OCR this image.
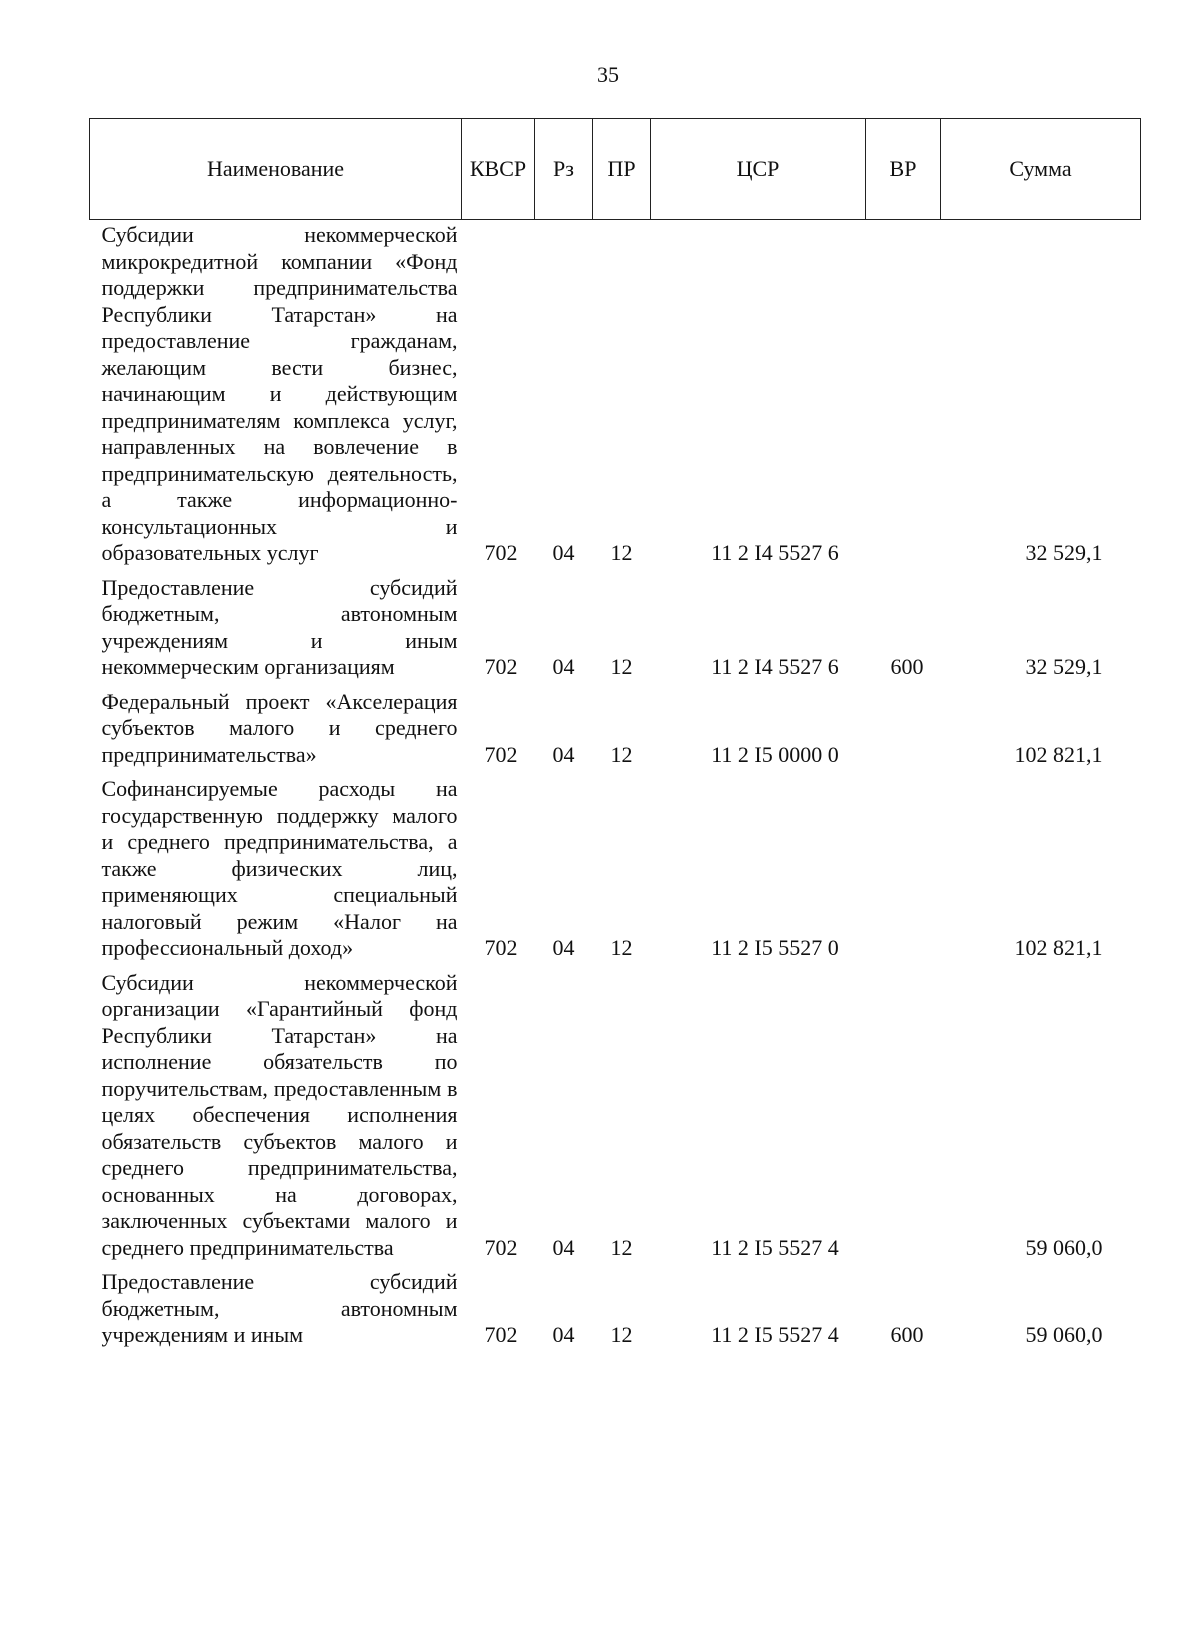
35
Наименование	КВСР	Рз	ПР	ЦСР	ВР	Сумма
Субсидии некоммерческой микрокредитной компании «Фонд поддержки предпринимательства Республики Татарстан» на предоставление гражданам, желающим вести бизнес, начинающим и действующим предпринимателям комплекса услуг, направленных на вовлечение в предпринимательскую деятельность, а также информационно-консультационных и образовательных услуг	702	04	12	11 2 I4 5527 6		32 529,1
Предоставление субсидий бюджетным, автономным учреждениям и иным некоммерческим организациям	702	04	12	11 2 I4 5527 6	600	32 529,1
Федеральный проект «Акселерация субъектов малого и среднего предпринимательства»	702	04	12	11 2 I5 0000 0		102 821,1
Софинансируемые расходы на государственную поддержку малого и среднего предпринимательства, а также физических лиц, применяющих специальный налоговый режим «Налог на профессиональный доход»	702	04	12	11 2 I5 5527 0		102 821,1
Субсидии некоммерческой организации «Гарантийный фонд Республики Татарстан» на исполнение обязательств по поручительствам, предоставленным в целях обеспечения исполнения обязательств субъектов малого и среднего предпринимательства, основанных на договорах, заключенных субъектами малого и среднего предпринимательства	702	04	12	11 2 I5 5527 4		59 060,0
Предоставление субсидий бюджетным, автономным учреждениям и иным	702	04	12	11 2 I5 5527 4	600	59 060,0
